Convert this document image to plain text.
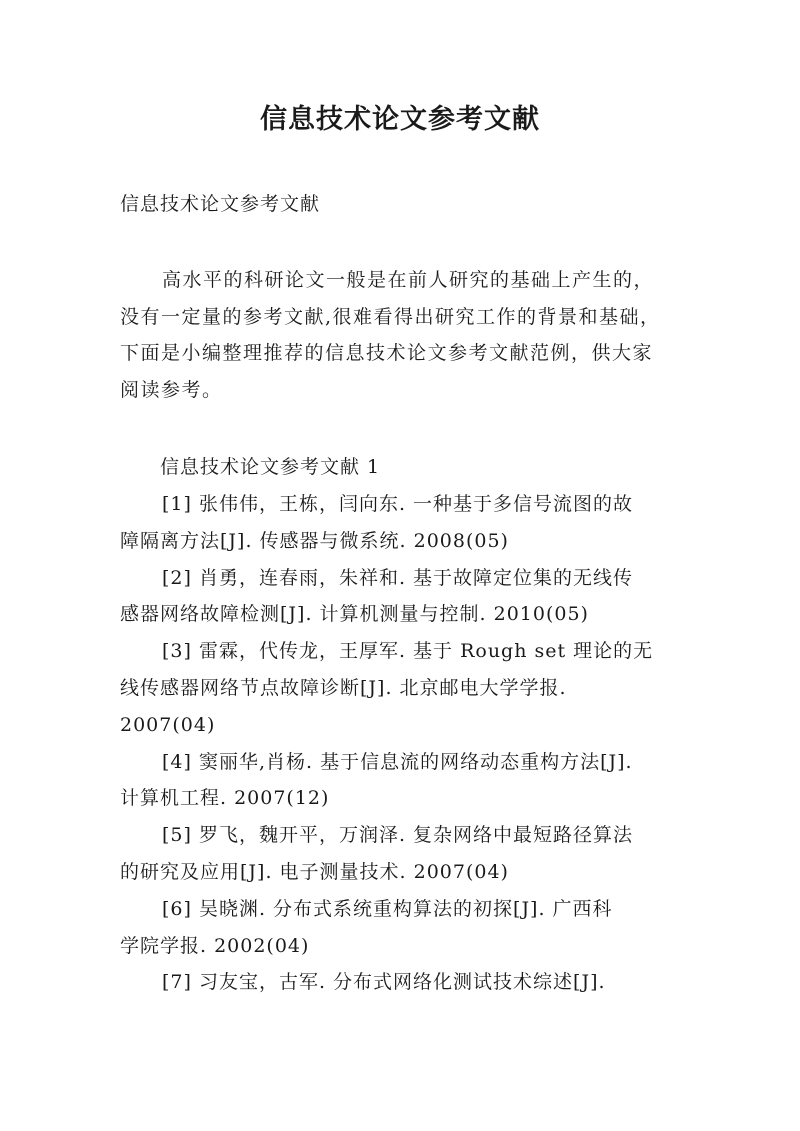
信息技术论文参考文献
信息技术论文参考文献
高水平的科研论文一般是在前人研究的基础上产生的，
没有一定量的参考文献,很难看得出研究工作的背景和基础，
下面是小编整理推荐的信息技术论文参考文献范例，供大家
阅读参考。
信息技术论文参考文献 1
[1] 张伟伟，王栋，闫向东. 一种基于多信号流图的故
障隔离方法[J]. 传感器与微系统. 2008(05)
[2] 肖勇，连春雨，朱祥和. 基于故障定位集的无线传
感器网络故障检测[J]. 计算机测量与控制. 2010(05)
[3] 雷霖，代传龙，王厚军. 基于 Rough set 理论的无
线传感器网络节点故障诊断[J]. 北京邮电大学学报.
2007(04)
[4] 窦丽华,肖杨. 基于信息流的网络动态重构方法[J].
计算机工程. 2007(12)
[5] 罗飞，魏开平，万润泽. 复杂网络中最短路径算法
的研究及应用[J]. 电子测量技术. 2007(04)
[6] 吴晓渊. 分布式系统重构算法的初探[J]. 广西科
学院学报. 2002(04)
[7] 习友宝，古军. 分布式网络化测试技术综述[J].
